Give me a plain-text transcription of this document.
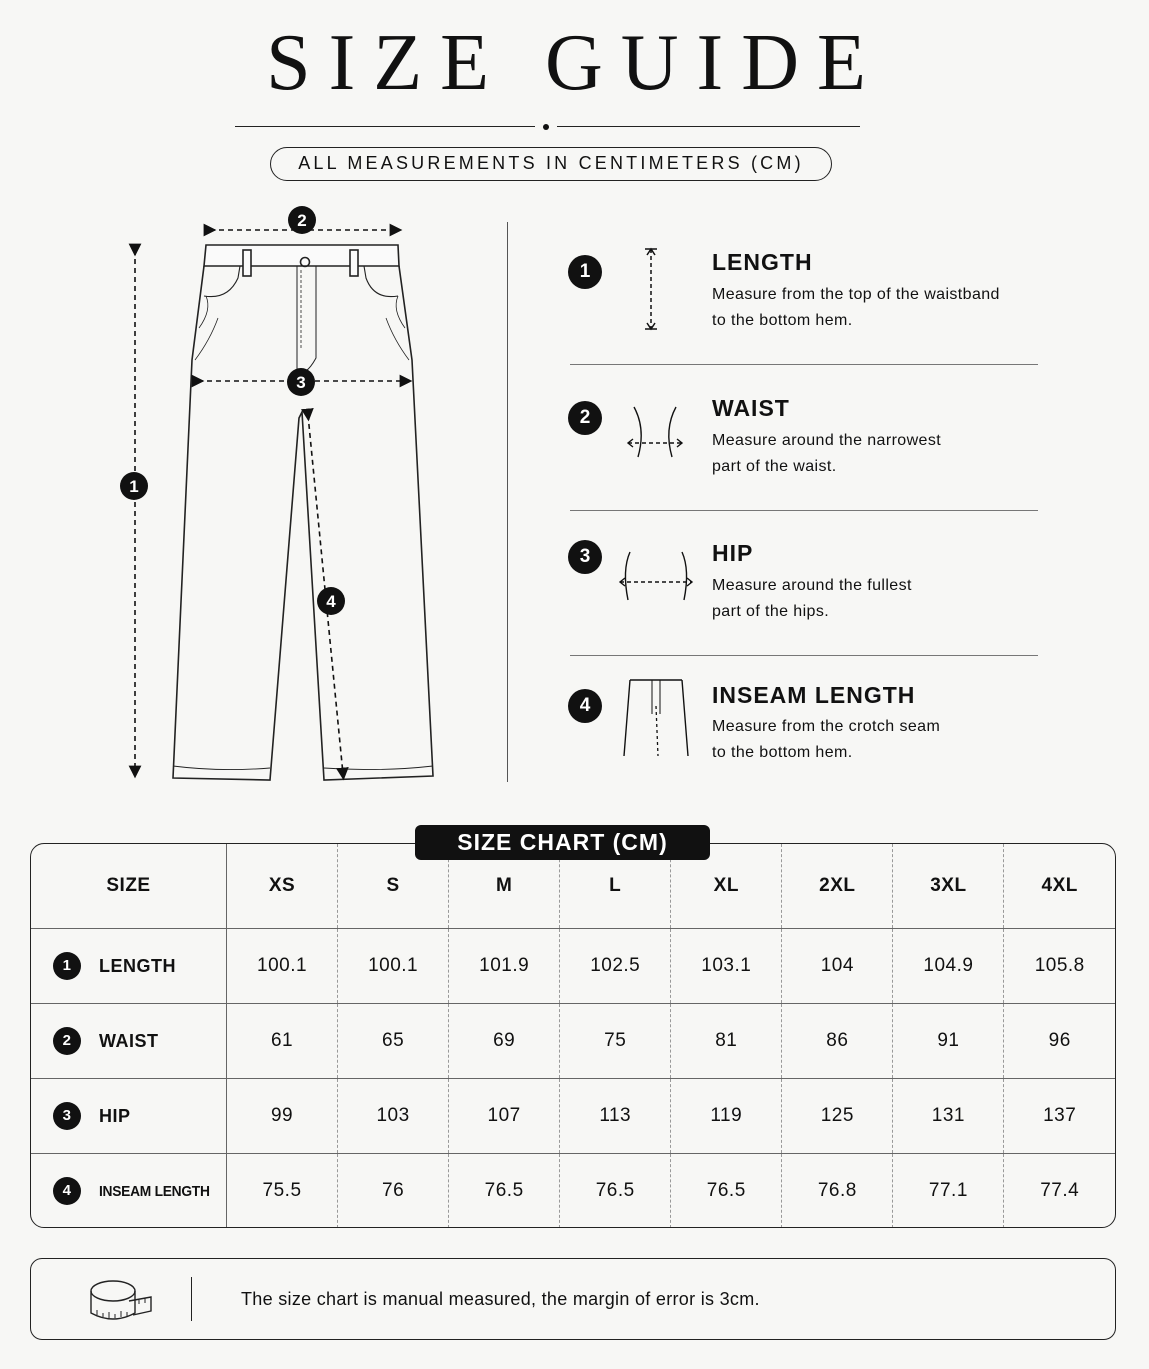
SIZE GUIDE
ALL MEASUREMENTS IN CENTIMETERS (CM)
1
2
3
4
1	LENGTH
Measure from the top of the waistband
to the bottom hem.
2	WAIST
Measure around the narrowest
part of the waist.
3	HIP
Measure around the fullest
part of the hips.
4	INSEAM LENGTH
Measure from the crotch seam
to the bottom hem.
SIZE CHART (CM)
SIZE	XS	S	M	L	XL	2XL	3XL	4XL

1 LENGTH	100.1	100.1	101.9	102.5	103.1	104	104.9	105.8

2 WAIST	61	65	69	75	81	86	91	96

3 HIP	99	103	107	113	119	125	131	137

4 INSEAM LENGTH	75.5	76	76.5	76.5	76.5	76.8	77.1	77.4
The size chart is manual measured, the margin of error is 3cm.
